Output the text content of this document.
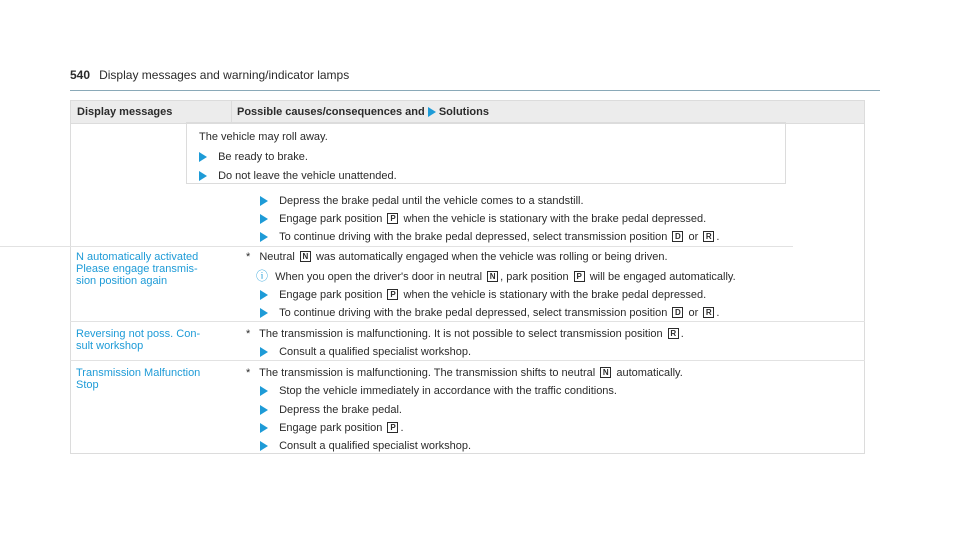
540 Display messages and warning/indicator lamps
Display messages	Possible causes/consequences and Solutions
The vehicle may roll away.
Be ready to brake.
Do not leave the vehicle unattended.
Depress the brake pedal until the vehicle comes to a standstill.
Engage park position P when the vehicle is stationary with the brake pedal depressed.
To continue driving with the brake pedal depressed, select transmission position D or R .
N automatically activated
Please engage transmis-
sion position again
* Neutral N was automatically engaged when the vehicle was rolling or being driven.
ⓘ When you open the driver's door in neutral N , park position P will be engaged automatically.
Engage park position P when the vehicle is stationary with the brake pedal depressed.
To continue driving with the brake pedal depressed, select transmission position D or R .
Reversing not poss. Con-
sult workshop
* The transmission is malfunctioning. It is not possible to select transmission position R .
Consult a qualified specialist workshop.
Transmission Malfunction
Stop
* The transmission is malfunctioning. The transmission shifts to neutral N automatically.
Stop the vehicle immediately in accordance with the traffic conditions.
Depress the brake pedal.
Engage park position P .
Consult a qualified specialist workshop.
